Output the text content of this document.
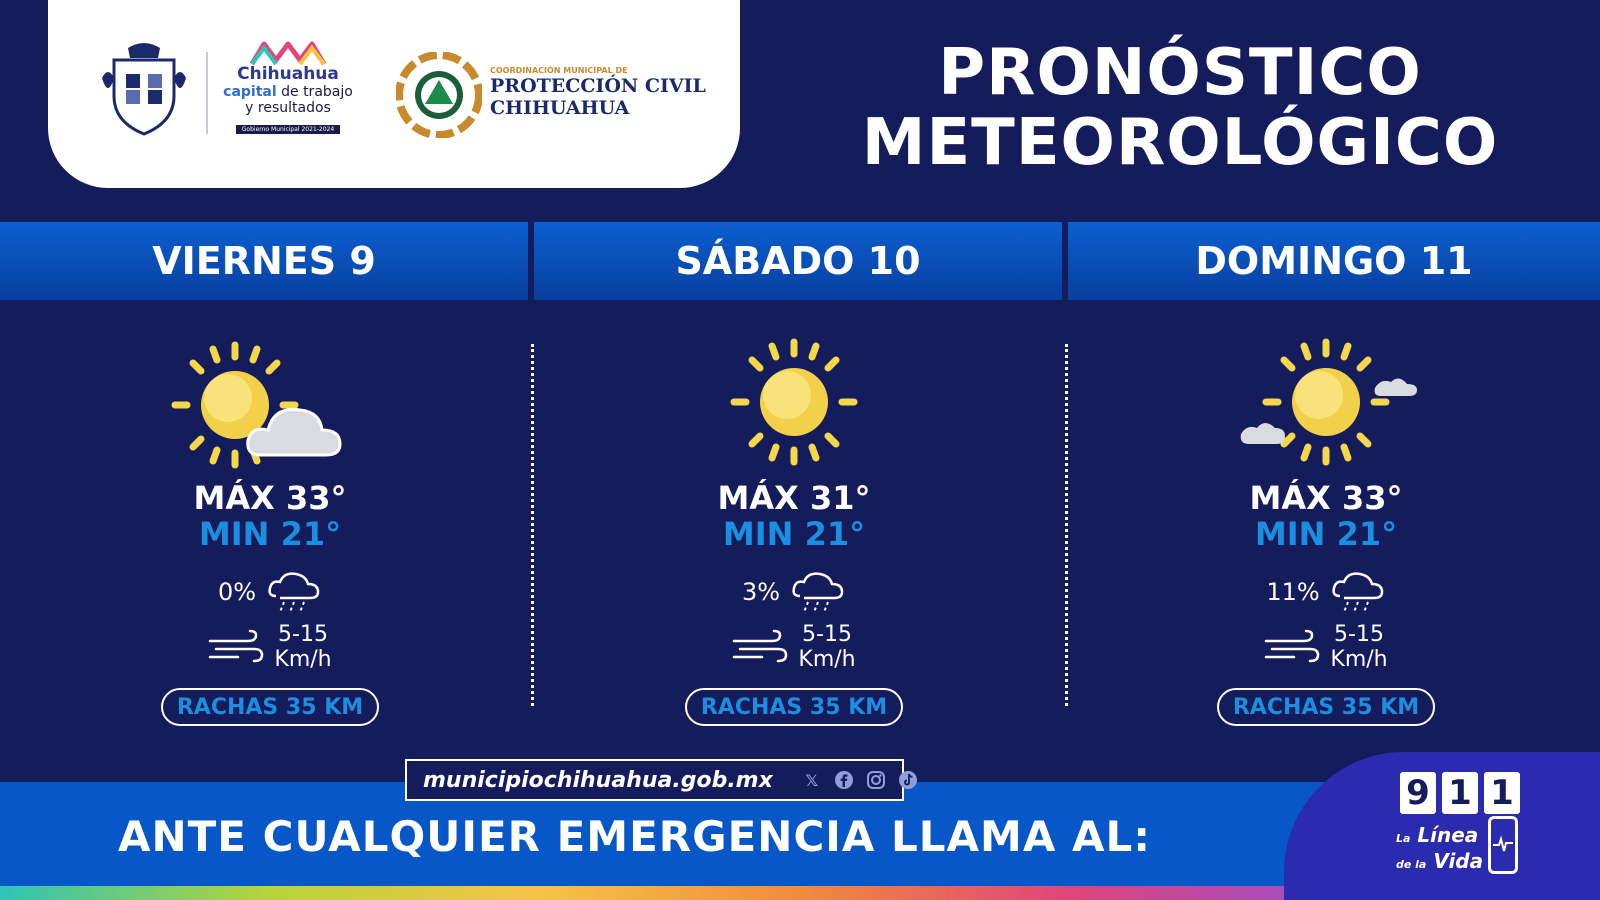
Chihuahua
capital de trabajo
y resultados
Gobierno Municipal 2021-2024
COORDINACIÓN MUNICIPAL DE
PROTECCIÓN CIVIL
CHIHUAHUA	PRONÓSTICO
METEOROLÓGICO
VIERNES 9	SÁBADO 10	DOMINGO 11
MÁX 33°
MIN 21°
0%
5-15
Km/h
RACHAS 35 KM
MÁX 31°
MIN 21°
3%
5-15
Km/h
RACHAS 35 KM
MÁX 33°
MIN 21°
11%
5-15
Km/h
RACHAS 35 KM
municipiochihuahua.gob.mx 𝕏
ANTE CUALQUIER EMERGENCIA LLAMA AL:
9 1 1
La Línea
de la Vida
